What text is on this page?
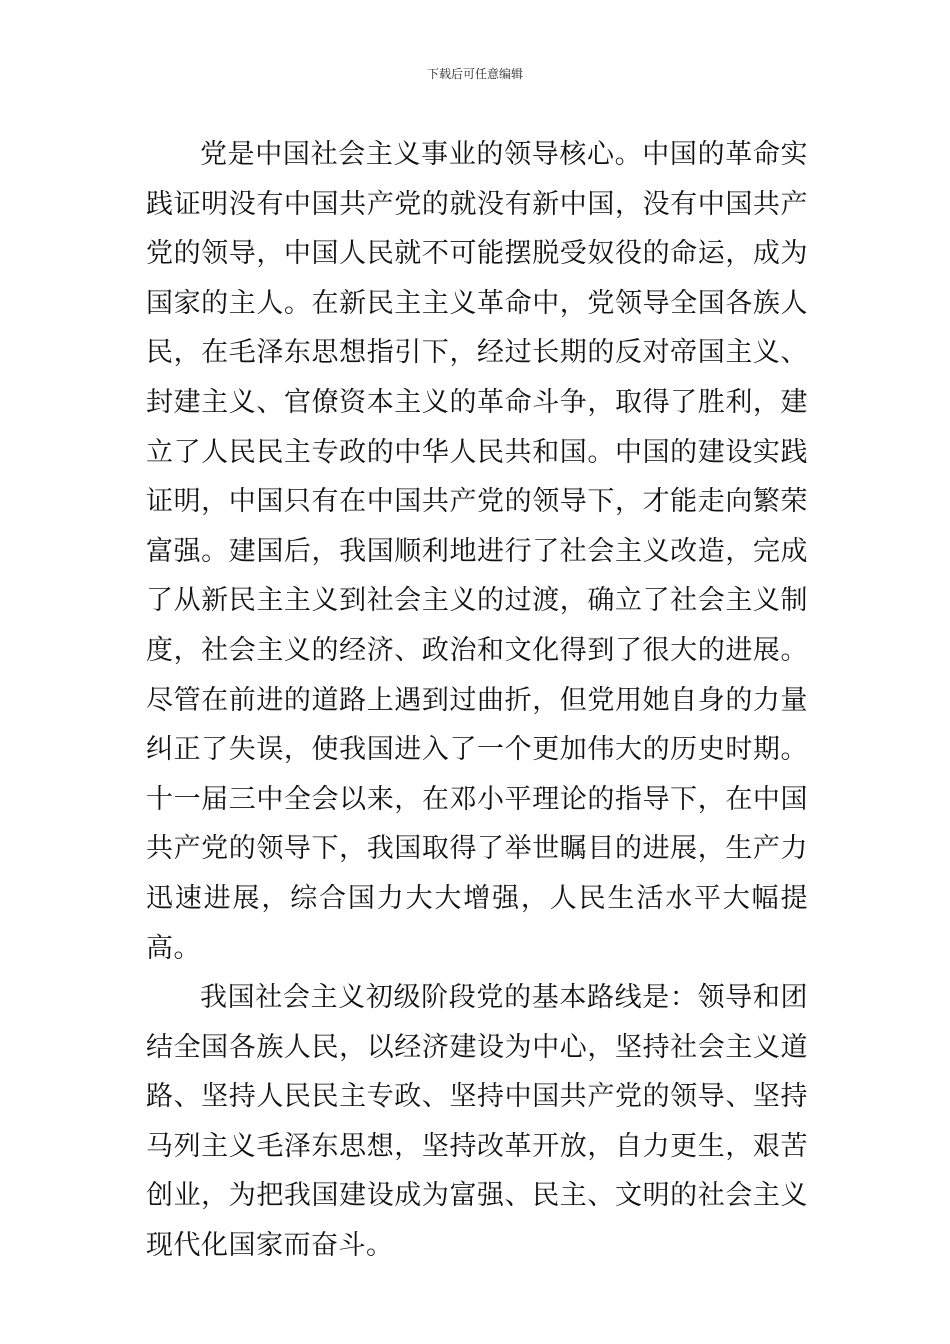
下载后可任意编辑

党是中国社会主义事业的领导核心。中国的革命实践证明没有中国共产党的就没有新中国，没有中国共产党的领导，中国人民就不可能摆脱受奴役的命运，成为国家的主人。在新民主主义革命中，党领导全国各族人民，在毛泽东思想指引下，经过长期的反对帝国主义、封建主义、官僚资本主义的革命斗争，取得了胜利，建立了人民民主专政的中华人民共和国。中国的建设实践证明，中国只有在中国共产党的领导下，才能走向繁荣富强。建国后，我国顺利地进行了社会主义改造，完成了从新民主主义到社会主义的过渡，确立了社会主义制度，社会主义的经济、政治和文化得到了很大的进展。尽管在前进的道路上遇到过曲折，但党用她自身的力量纠正了失误，使我国进入了一个更加伟大的历史时期。十一届三中全会以来，在邓小平理论的指导下，在中国共产党的领导下，我国取得了举世瞩目的进展，生产力迅速进展，综合国力大大增强，人民生活水平大幅提高。

我国社会主义初级阶段党的基本路线是：领导和团结全国各族人民，以经济建设为中心，坚持社会主义道路、坚持人民民主专政、坚持中国共产党的领导、坚持马列主义毛泽东思想，坚持改革开放，自力更生，艰苦创业，为把我国建设成为富强、民主、文明的社会主义现代化国家而奋斗。
